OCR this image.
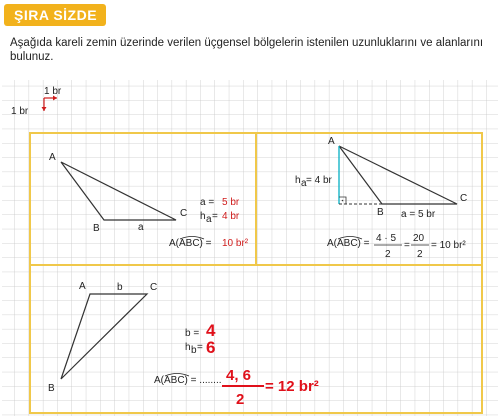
ŞIRA SİZDE
Aşağıda kareli zemin üzerinde verilen üçgensel bölgelerin istenilen uzunluklarını ve alanlarını bulunuz.
1 br
1 br
A
B
C
a
a = 5 br
h a = 4 br
A(ABC) = 10 br²
A
B
C
h a = 4 br
a = 5 br
A(ABC) = 4 · 5
2
=
20
2
= 10 br²
A
B
C
b
b = 4
h b = 6
A(ABC) = ........ 4, 6
2
= 12 br²
